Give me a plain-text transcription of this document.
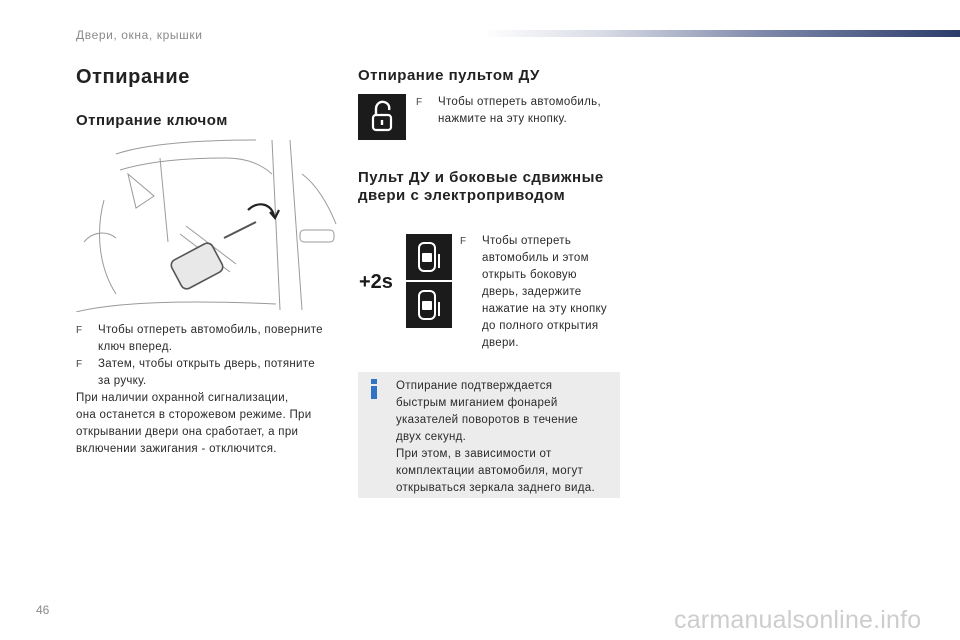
Двери, окна, крышки
Отпирание
Отпирание ключом
F Чтобы отпереть автомобиль, поверните
ключ вперед.
F Затем, чтобы открыть дверь, потяните
за ручку.
При наличии охранной сигнализации,
она останется в сторожевом режиме. При
открывании двери она сработает, а при
включении зажигания - отключится.
Отпирание пультом ДУ
F Чтобы отпереть автомобиль,
нажмите на эту кнопку.
Пульт ДУ и боковые сдвижные
двери с электроприводом
+2s
F Чтобы отпереть
автомобиль и этом
открыть боковую
дверь, задержите
нажатие на эту кнопку
до полного открытия
двери.
Отпирание подтверждается
быстрым миганием фонарей
указателей поворотов в течение
двух секунд.
При этом, в зависимости от
комплектации автомобиля, могут
открываться зеркала заднего вида.
46	carmanualsonline.info
